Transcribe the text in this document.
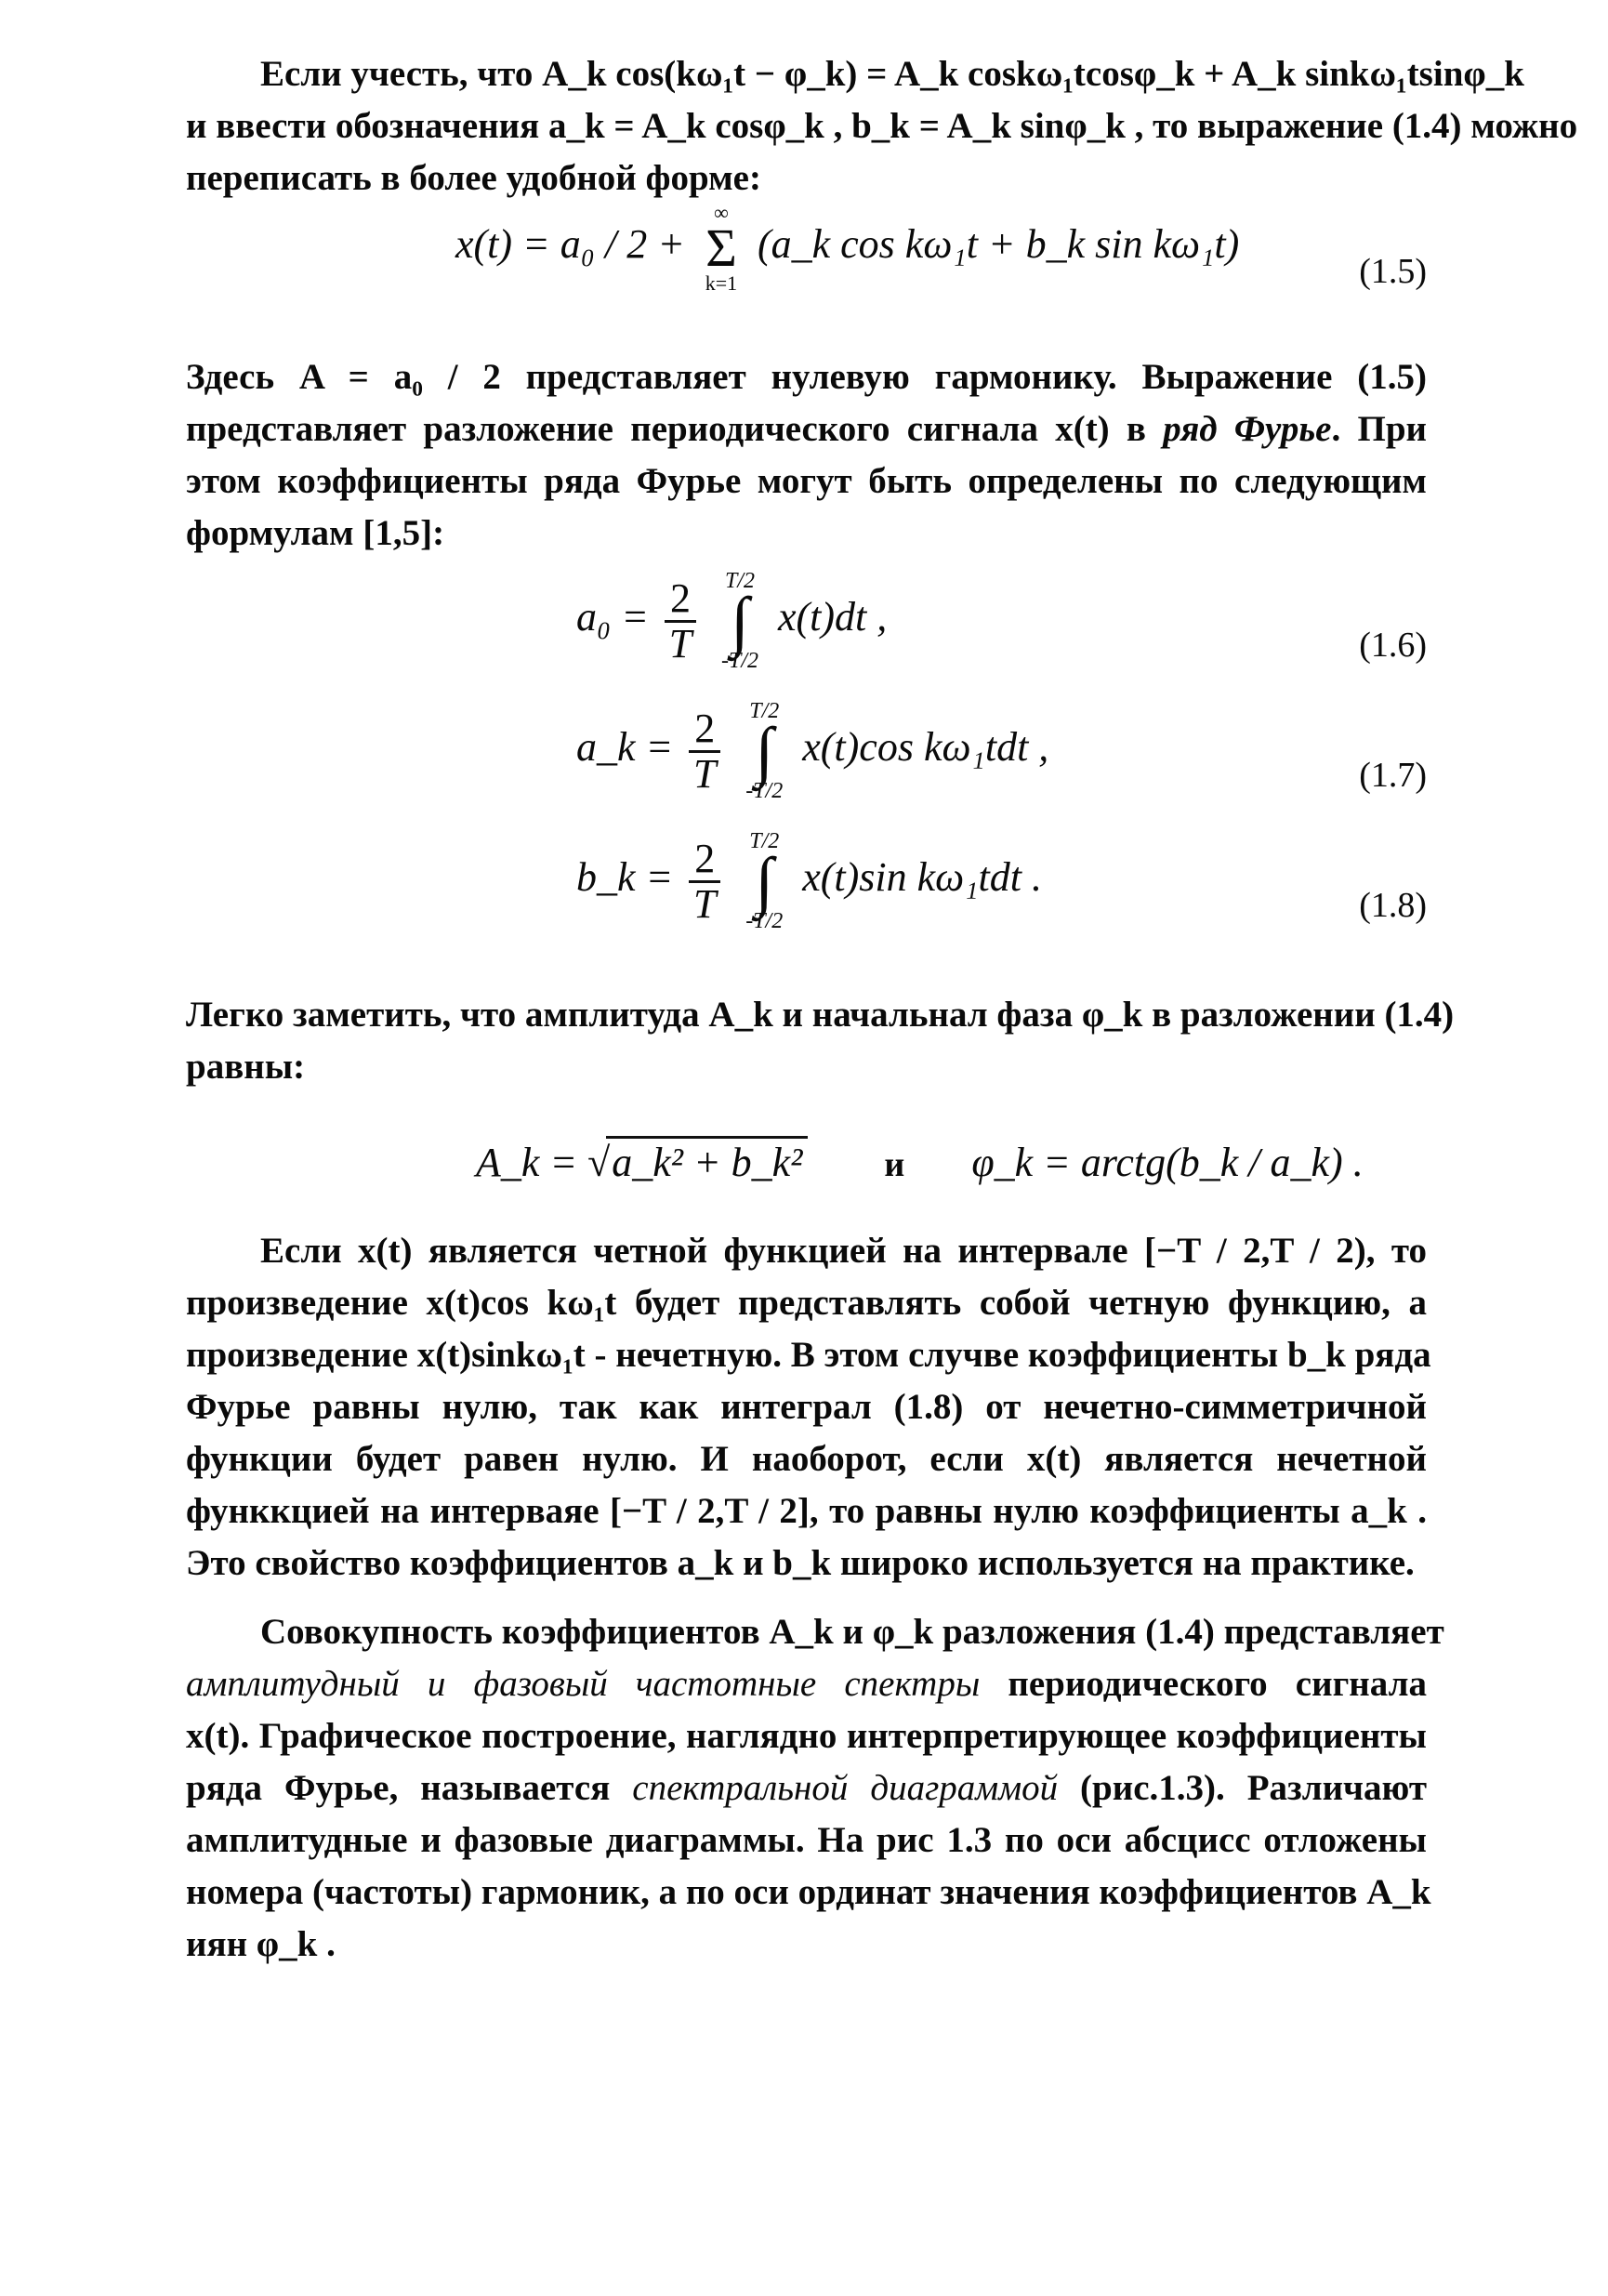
Если учесть, что A_k cos(kω₁t − φ_k) = A_k coskω₁tcosφ_k + A_k sinkω₁tsinφ_k
и ввести обозначения a_k = A_k cosφ_k , b_k = A_k sinφ_k , то выражение (1.4) можно
переписать в более удобной форме:
x(t) = a₀ / 2 +
∞
Σ
k=1
(a_k cos kω₁t + b_k sin kω₁t)
(1.5)
Здесь A = a₀ / 2 представляет нулевую гармонику. Выражение (1.5)
представляет разложение периодического сигнала x(t) в ряд Фурье. При
этом коэффициенты ряда Фурье могут быть определены по следующим
формулам [1,5]:
$a_0 = \frac{2}{T}$
	T/2
∫
-T/2
x(t)dt ,
(1.6)
a_k = $\frac{2}{T}$
	T/2
∫
-T/2
x(t)cos kω₁tdt ,
(1.7)
b_k = $\frac{2}{T}$
	T/2
∫
-T/2
x(t)sin kω₁tdt .
(1.8)
Легко заметить, что амплитуда A_k и начальнал фаза φ_k в разложении (1.4)
равны:
A_k = √a_k² + b_k² и φ_k = arctg(b_k / a_k) .
Если x(t) является четной функцией на интервале [−T / 2,T / 2), то
произведение x(t)cos kω₁t будет представлять собой четную функцию, а
произведение x(t)sinkω₁t - нечетную. В этом случве коэффициенты b_k ряда
Фурье равны нулю, так как интеграл (1.8) от нечетно-симметричной
функции будет равен нулю. И наоборот, если x(t) является нечетной
функкцией на интерваяе [−T / 2,T / 2], то равны нулю коэффициенты a_k .
Это свойство коэффициентов a_k и b_k широко используется на практике.
Совокупность коэффициентов A_k и φ_k разложения (1.4) представляет
амплитудный и фазовый частотные спектры периодического сигнала
x(t). Графическое построение, наглядно интерпретирующее коэффициенты
ряда Фурье, называется спектральной диаграммой (рис.1.3). Различают
амплитудные и фазовые диаграммы. На рис 1.3 по оси абсцисс отложены
номера (частоты) гармоник, а по оси ординат значения коэффициентов A_k
иян φ_k .
